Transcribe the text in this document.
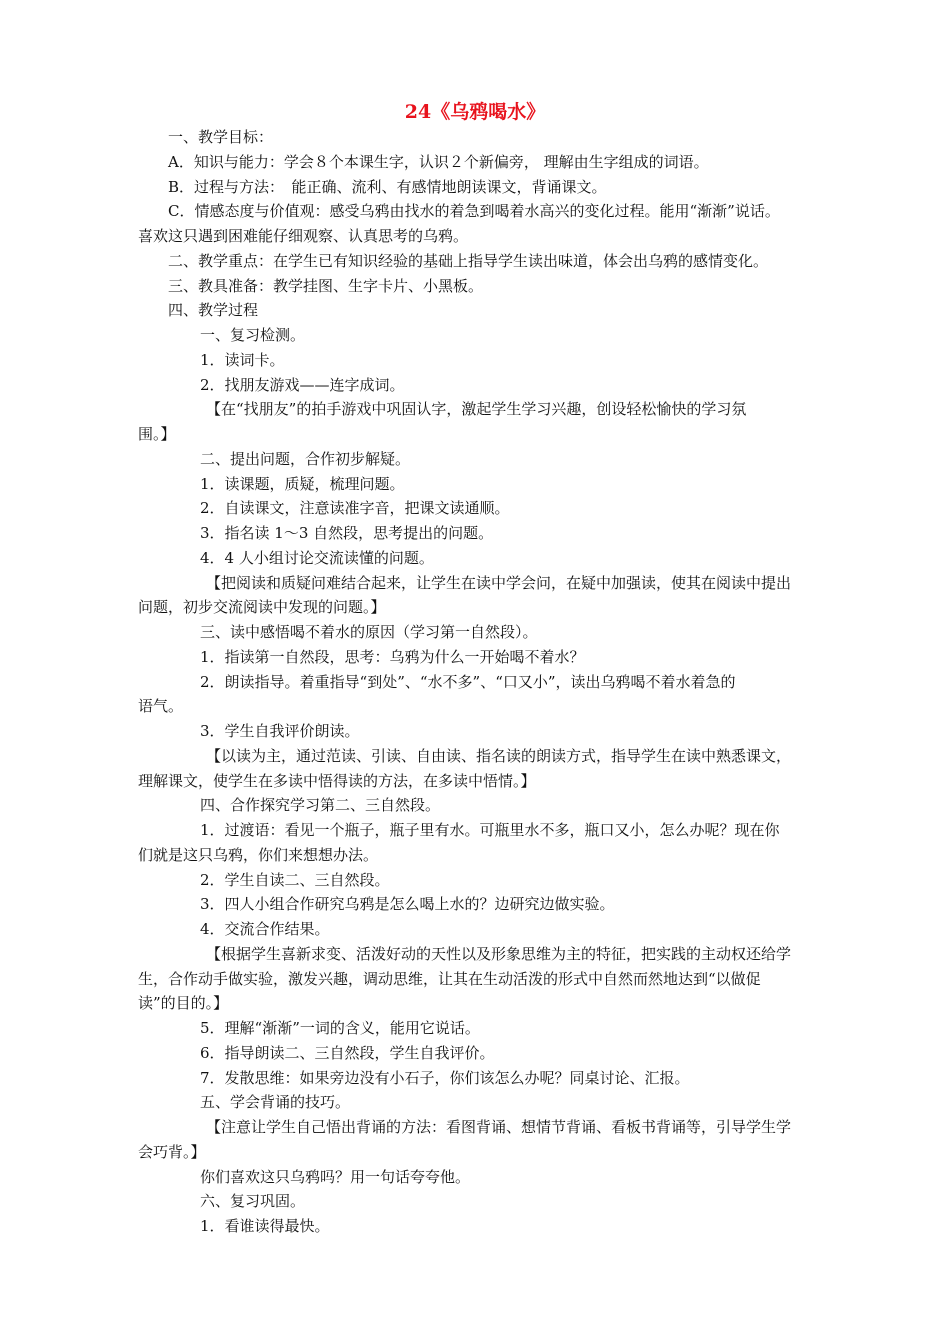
24《乌鸦喝水》
一、教学目标：
A．知识与能力：学会８个本课生字，认识２个新偏旁， 理解由生字组成的词语。
B．过程与方法：　能正确、流利、有感情地朗读课文，背诵课文。
C．情感态度与价值观：感受乌鸦由找水的着急到喝着水高兴的变化过程。能用“渐渐”说话。
喜欢这只遇到困难能仔细观察、认真思考的乌鸦。
二、教学重点：在学生已有知识经验的基础上指导学生读出味道，体会出乌鸦的感情变化。
三、教具准备：教学挂图、生字卡片、小黑板。
四、教学过程
一、复习检测。
1．读词卡。
2．找朋友游戏——连字成词。
【在“找朋友”的拍手游戏中巩固认字，激起学生学习兴趣，创设轻松愉快的学习氛
围。】
二、提出问题，合作初步解疑。
1．读课题，质疑，梳理问题。
2．自读课文，注意读准字音，把课文读通顺。
3．指名读 1～3 自然段，思考提出的问题。
4．4 人小组讨论交流读懂的问题。
【把阅读和质疑问难结合起来，让学生在读中学会问，在疑中加强读，使其在阅读中提出
问题，初步交流阅读中发现的问题。】
三、读中感悟喝不着水的原因（学习第一自然段）。
1．指读第一自然段，思考：乌鸦为什么一开始喝不着水？
2．朗读指导。着重指导“到处”、“水不多”、“口又小”，读出乌鸦喝不着水着急的
语气。
3．学生自我评价朗读。
【以读为主，通过范读、引读、自由读、指名读的朗读方式，指导学生在读中熟悉课文，
理解课文，使学生在多读中悟得读的方法，在多读中悟情。】
四、合作探究学习第二、三自然段。
1．过渡语：看见一个瓶子，瓶子里有水。可瓶里水不多，瓶口又小，怎么办呢？现在你
们就是这只乌鸦，你们来想想办法。
2．学生自读二、三自然段。
3．四人小组合作研究乌鸦是怎么喝上水的？边研究边做实验。
4．交流合作结果。
【根据学生喜新求变、活泼好动的天性以及形象思维为主的特征，把实践的主动权还给学
生，合作动手做实验，激发兴趣，调动思维，让其在生动活泼的形式中自然而然地达到“以做促
读”的目的。】
5．理解“渐渐”一词的含义，能用它说话。
6．指导朗读二、三自然段，学生自我评价。
7．发散思维：如果旁边没有小石子，你们该怎么办呢？同桌讨论、汇报。
五、学会背诵的技巧。
【注意让学生自己悟出背诵的方法：看图背诵、想情节背诵、看板书背诵等，引导学生学
会巧背。】
你们喜欢这只乌鸦吗？用一句话夸夸他。
六、复习巩固。
1．看谁读得最快。
